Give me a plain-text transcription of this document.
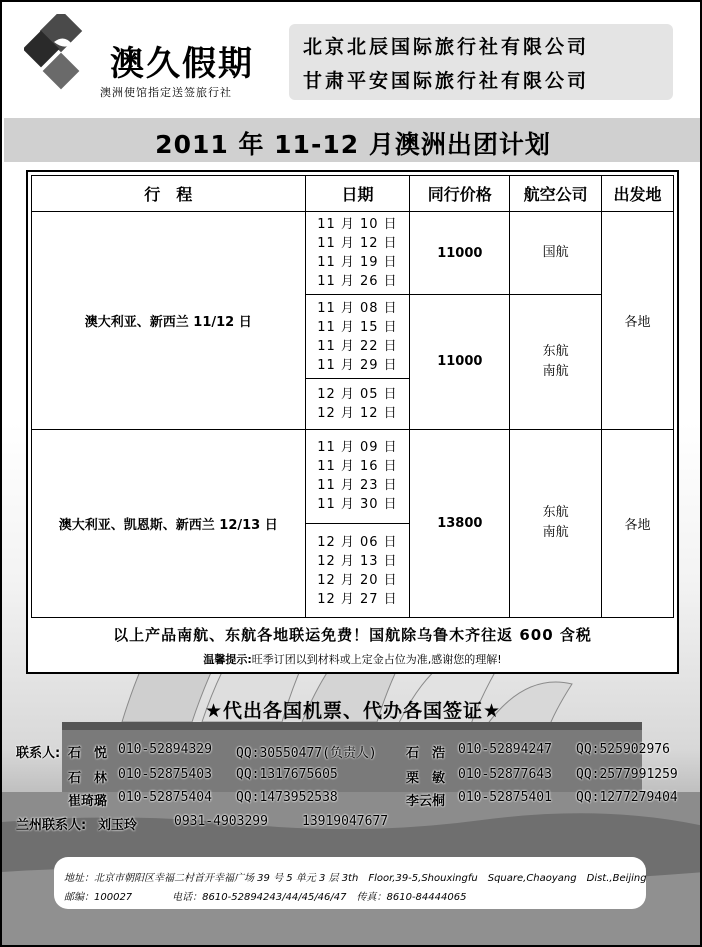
澳久假期
澳洲使馆指定送签旅行社
北京北辰国际旅行社有限公司
甘肃平安国际旅行社有限公司
2011 年 11-12 月澳洲出团计划
行　程	日期	同行价格	航空公司	出发地
澳大利亚、新西兰 11/12 日	11 月 10 日
11 月 12 日
11 月 19 日
11 月 26 日	11000	国航	各地

	11 月 08 日
11 月 15 日
11 月 22 日
11 月 29 日	11000	东航
南航	

	12 月 05 日
12 月 12 日			

澳大利亚、凯恩斯、新西兰 12/13 日	11 月 09 日
11 月 16 日
11 月 23 日
11 月 30 日	13800	东航
南航	各地

	12 月 06 日
12 月 13 日
12 月 20 日
12 月 27 日			
以上产品南航、东航各地联运免费！国航除乌鲁木齐往返 600 含税
温馨提示:旺季订团以到材料或上定金占位为准,感谢您的理解!
★代出各国机票、代办各国签证★
联系人: 石　悦 010-52894329 QQ:30550477(负责人) 石　浩 010-52894247 QQ:525902976
石　林 010-52875403 QQ:1317675605	栗　敏 010-52877643 QQ:2577991259
崔琦璐 010-52875404 QQ:1473952538	李云桐 010-52875401 QQ:1277279404
兰州联系人: 刘玉玲	0931-4903299	13919047677
地址：北京市朝阳区幸福二村首开幸福广场 39 号 5 单元 3 层 3th　Floor,39-5,Shouxingfu　Square,Chaoyang　Dist.,Beijing
邮编：100027　　　　电话：8610-52894243/44/45/46/47　传真：8610-84444065
